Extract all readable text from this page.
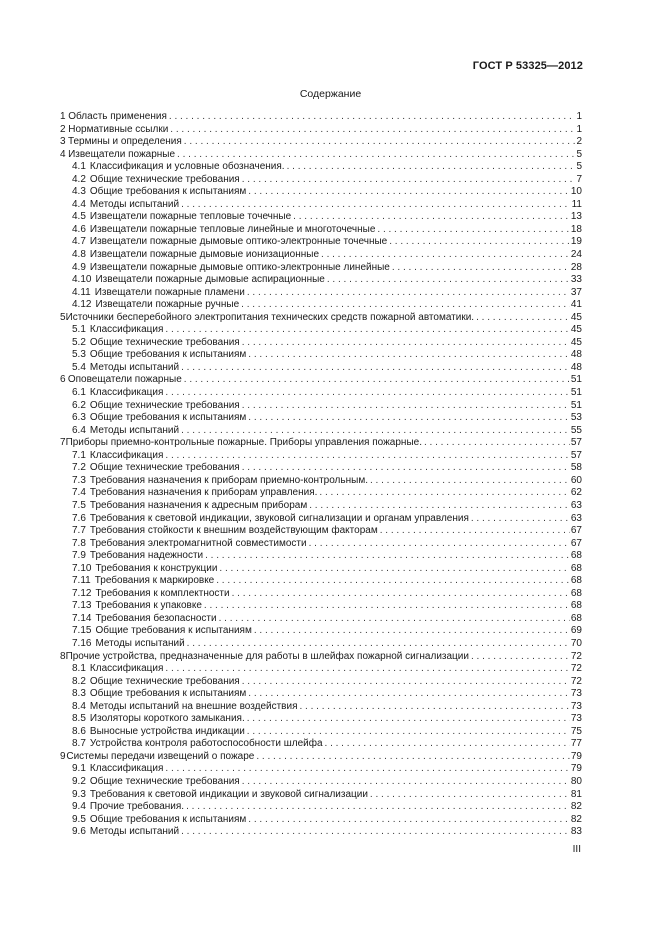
ГОСТ Р 53325—2012
Содержание
1 Область применения . . .	1
2 Нормативные ссылки . . .	1
3 Термины и определения . . .	2
4 Извещатели пожарные . . .	5
4.1 Классификация и условные обозначения. . . .	5
4.2 Общие технические требования . . .	7
4.3 Общие требования к испытаниям . . .	10
4.4 Методы испытаний . . .	11
4.5 Извещатели пожарные тепловые точечные . . .	13
4.6 Извещатели пожарные тепловые линейные и многоточечные . . .	18
4.7 Извещатели пожарные дымовые оптико-электронные точечные . . .	19
4.8 Извещатели пожарные дымовые ионизационные . . .	24
4.9 Извещатели пожарные дымовые оптико-электронные линейные . . .	28
4.10 Извещатели пожарные дымовые аспирационные . . .	33
4.11 Извещатели пожарные пламени . . .	37
4.12 Извещатели пожарные ручные . . .	41
5 Источники бесперебойного электропитания технических средств пожарной автоматики. . . .	45
5.1 Классификация . . .	45
5.2 Общие технические требования . . .	45
5.3 Общие требования к испытаниям . . .	48
5.4 Методы испытаний . . .	48
6 Оповещатели пожарные . . .	51
6.1 Классификация . . .	51
6.2 Общие технические требования . . .	51
6.3 Общие требования к испытаниям . . .	53
6.4 Методы испытаний . . .	55
7 Приборы приемно-контрольные пожарные. Приборы управления пожарные. . . .	57
7.1 Классификация . . .	57
7.2 Общие технические требования . . .	58
7.3 Требования назначения к приборам приемно-контрольным. . . .	60
7.4 Требования назначения к приборам управления. . . .	62
7.5 Требования назначения к адресным приборам . . .	63
7.6 Требования к световой индикации, звуковой сигнализации и органам управления . . .	63
7.7 Требования стойкости к внешним воздействующим факторам . . .	67
7.8 Требования электромагнитной совместимости . . .	67
7.9 Требования надежности . . .	68
7.10 Требования к конструкции . . .	68
7.11 Требования к маркировке . . .	68
7.12 Требования к комплектности . . .	68
7.13 Требования к упаковке . . .	68
7.14 Требования безопасности . . .	68
7.15 Общие требования к испытаниям . . .	69
7.16 Методы испытаний . . .	70
8 Прочие устройства, предназначенные для работы в шлейфах пожарной сигнализации . . .	72
8.1 Классификация . . .	72
8.2 Общие технические требования . . .	72
8.3 Общие требования к испытаниям . . .	73
8.4 Методы испытаний на внешние воздействия . . .	73
8.5 Изоляторы короткого замыкания. . . .	73
8.6 Выносные устройства индикации . . .	75
8.7 Устройства контроля работоспособности шлейфа . . .	77
9 Системы передачи извещений о пожаре . . .	79
9.1 Классификация . . .	79
9.2 Общие технические требования . . .	80
9.3 Требования к световой индикации и звуковой сигнализации . . .	81
9.4 Прочие требования. . . .	82
9.5 Общие требования к испытаниям . . .	82
9.6 Методы испытаний . . .	83
III
